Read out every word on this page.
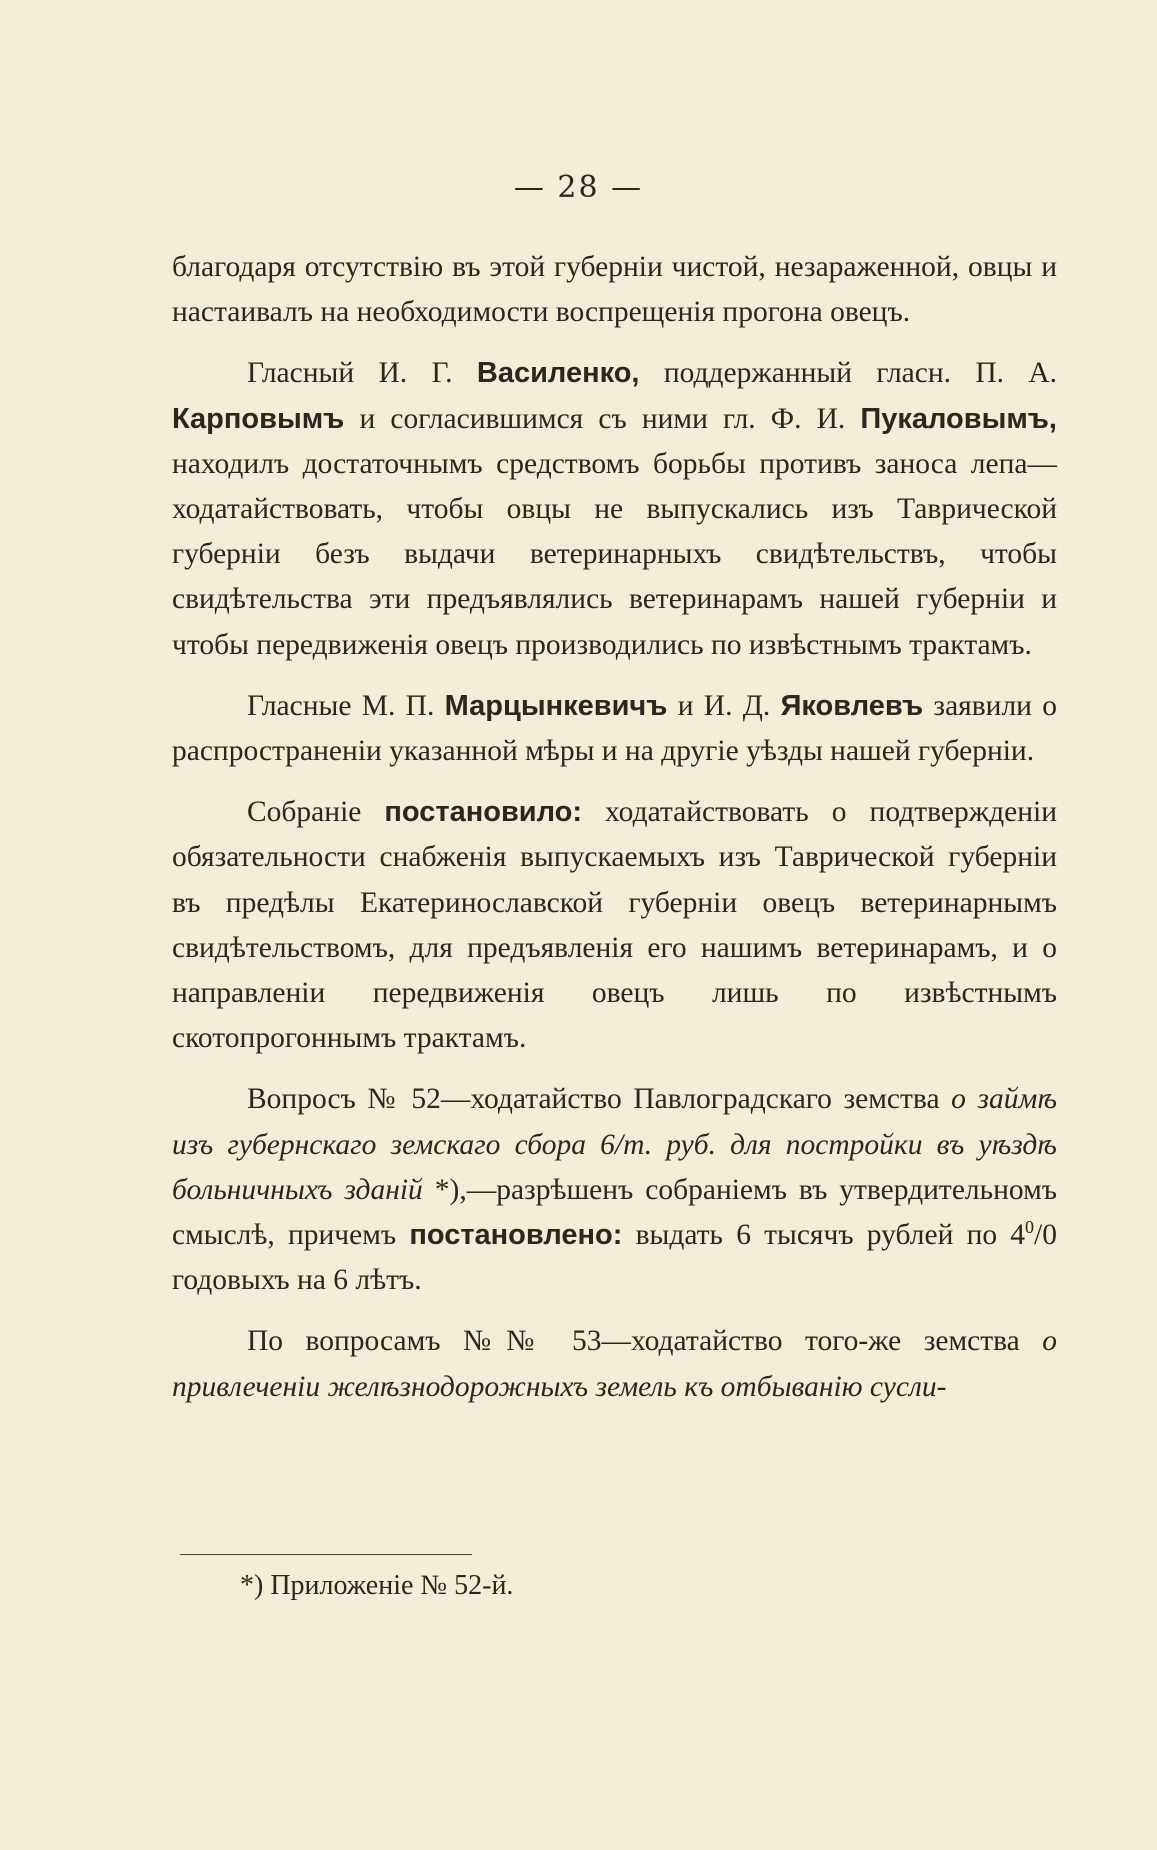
— 28 —

благодаря отсутствію въ этой губерніи чистой, незараженной, овцы и настаивалъ на необходимости воспрещенія прогона овецъ.

Гласный И. Г. Василенко, поддержанный гласн. П. А. Карповымъ и согласившимся съ ними гл. Ф. И. Пукаловымъ, находилъ достаточнымъ средствомъ борьбы противъ заноса лепа—ходатайствовать, чтобы овцы не выпускались изъ Таврической губерніи безъ выдачи ветеринарныхъ свидѣтельствъ, чтобы свидѣтельства эти предъявлялись ветеринарамъ нашей губерніи и чтобы передвиженія овецъ производились по извѣстнымъ трактамъ.

Гласные М. П. Марцынкевичъ и И. Д. Яковлевъ заявили о распространеніи указанной мѣры и на другіе уѣзды нашей губерніи.

Собраніе постановило: ходатайствовать о подтвержденіи обязательности снабженія выпускаемыхъ изъ Таврической губерніи въ предѣлы Екатеринославской губерніи овецъ ветеринарнымъ свидѣтельствомъ, для предъявленія его нашимъ ветеринарамъ, и о направленіи передвиженія овецъ лишь по извѣстнымъ скотопрогоннымъ трактамъ.

Вопросъ № 52—ходатайство Павлоградскаго земства о займѣ изъ губернскаго земскаго сбора 6/т. руб. для постройки въ уѣздѣ больничныхъ зданій *),—разрѣшенъ собраніемъ въ утвердительномъ смыслѣ, причемъ постановлено: выдать 6 тысячъ рублей по $4^0/0$ годовыхъ на 6 лѣтъ.

По вопросамъ №№ 53—ходатайство того-же земства о привлеченіи желѣзнодорожныхъ земель къ отбыванію сусли-

*) Приложеніе № 52-й.
